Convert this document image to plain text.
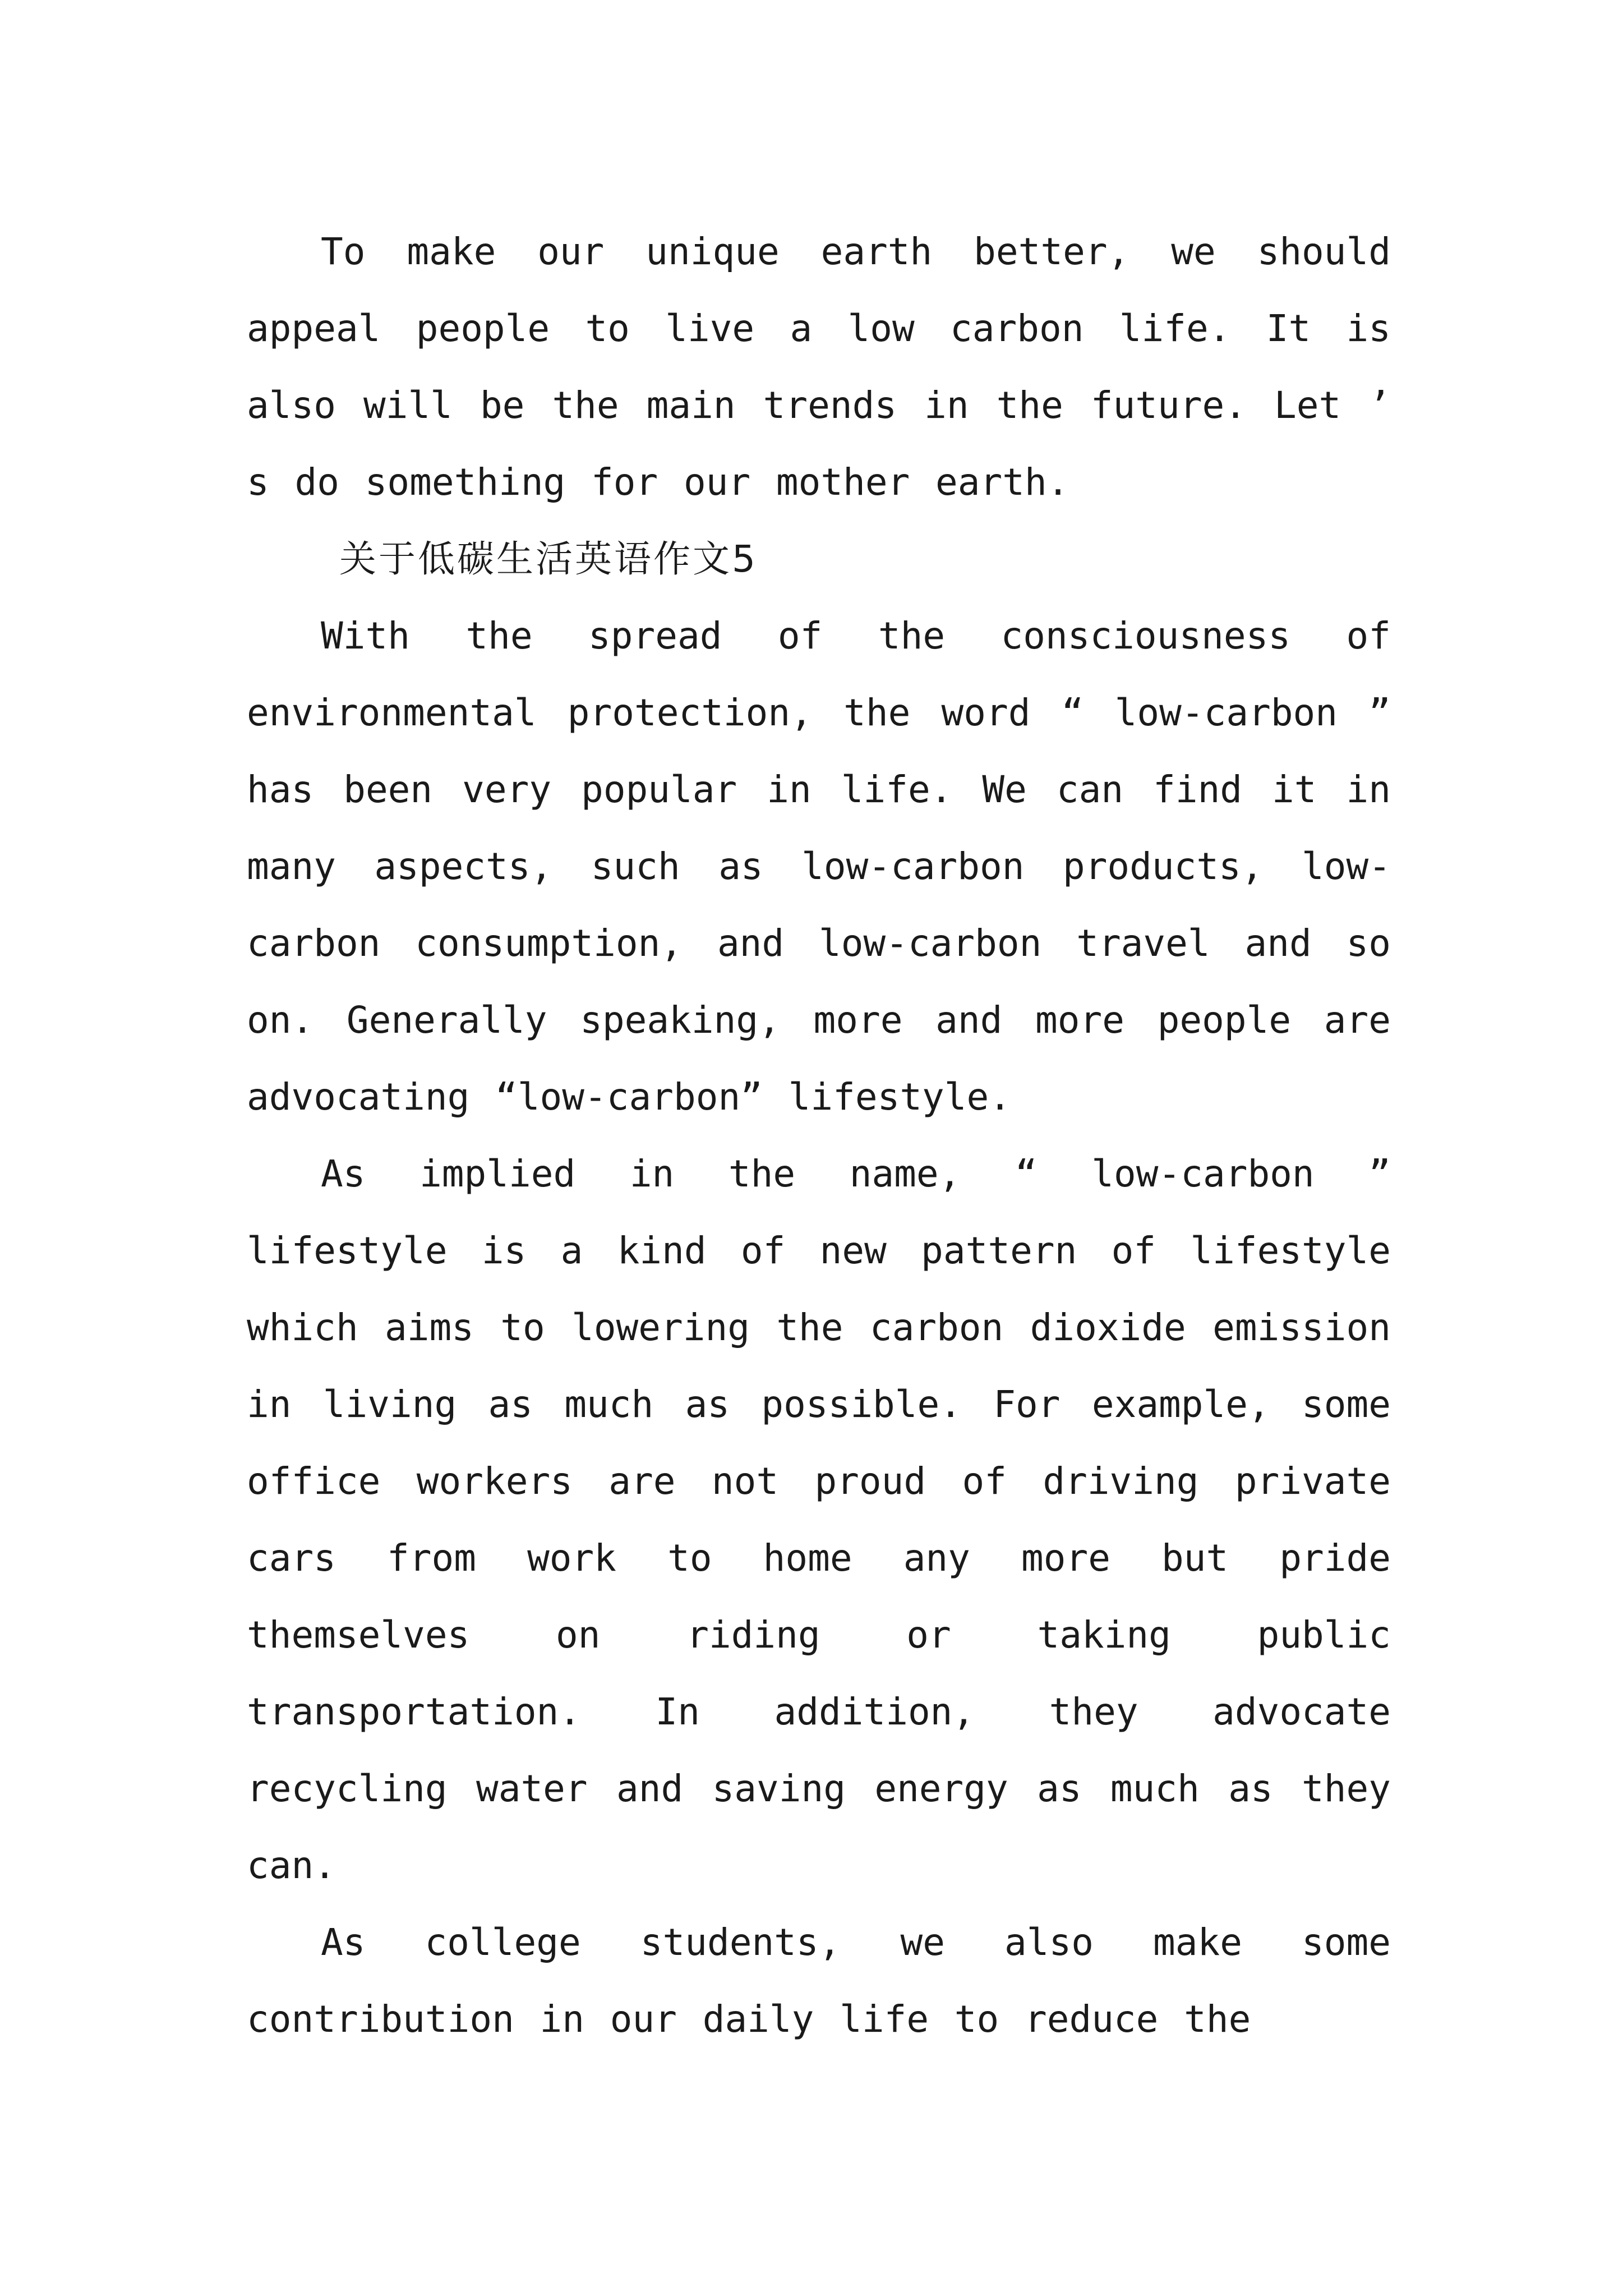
To make our unique earth better, we should appeal people to live a low carbon life. It is also will be the main trends in the future. Let ’ s do something for our mother earth.

关于低碳生活英语作文5

With the spread of the consciousness of environmental protection, the word “ low-carbon ” has been very popular in life. We can find it in many aspects, such as low-carbon products, low-carbon consumption, and low-carbon travel and so on. Generally speaking, more and more people are advocating “low-carbon” lifestyle.

As implied in the name, “ low-carbon ” lifestyle is a kind of new pattern of lifestyle which aims to lowering the carbon dioxide emission in living as much as possible. For example, some office workers are not proud of driving private cars from work to home any more but pride themselves on riding or taking public transportation. In addition, they advocate recycling water and saving energy as much as they can.

As college students, we also make some contribution in our daily life to reduce the
